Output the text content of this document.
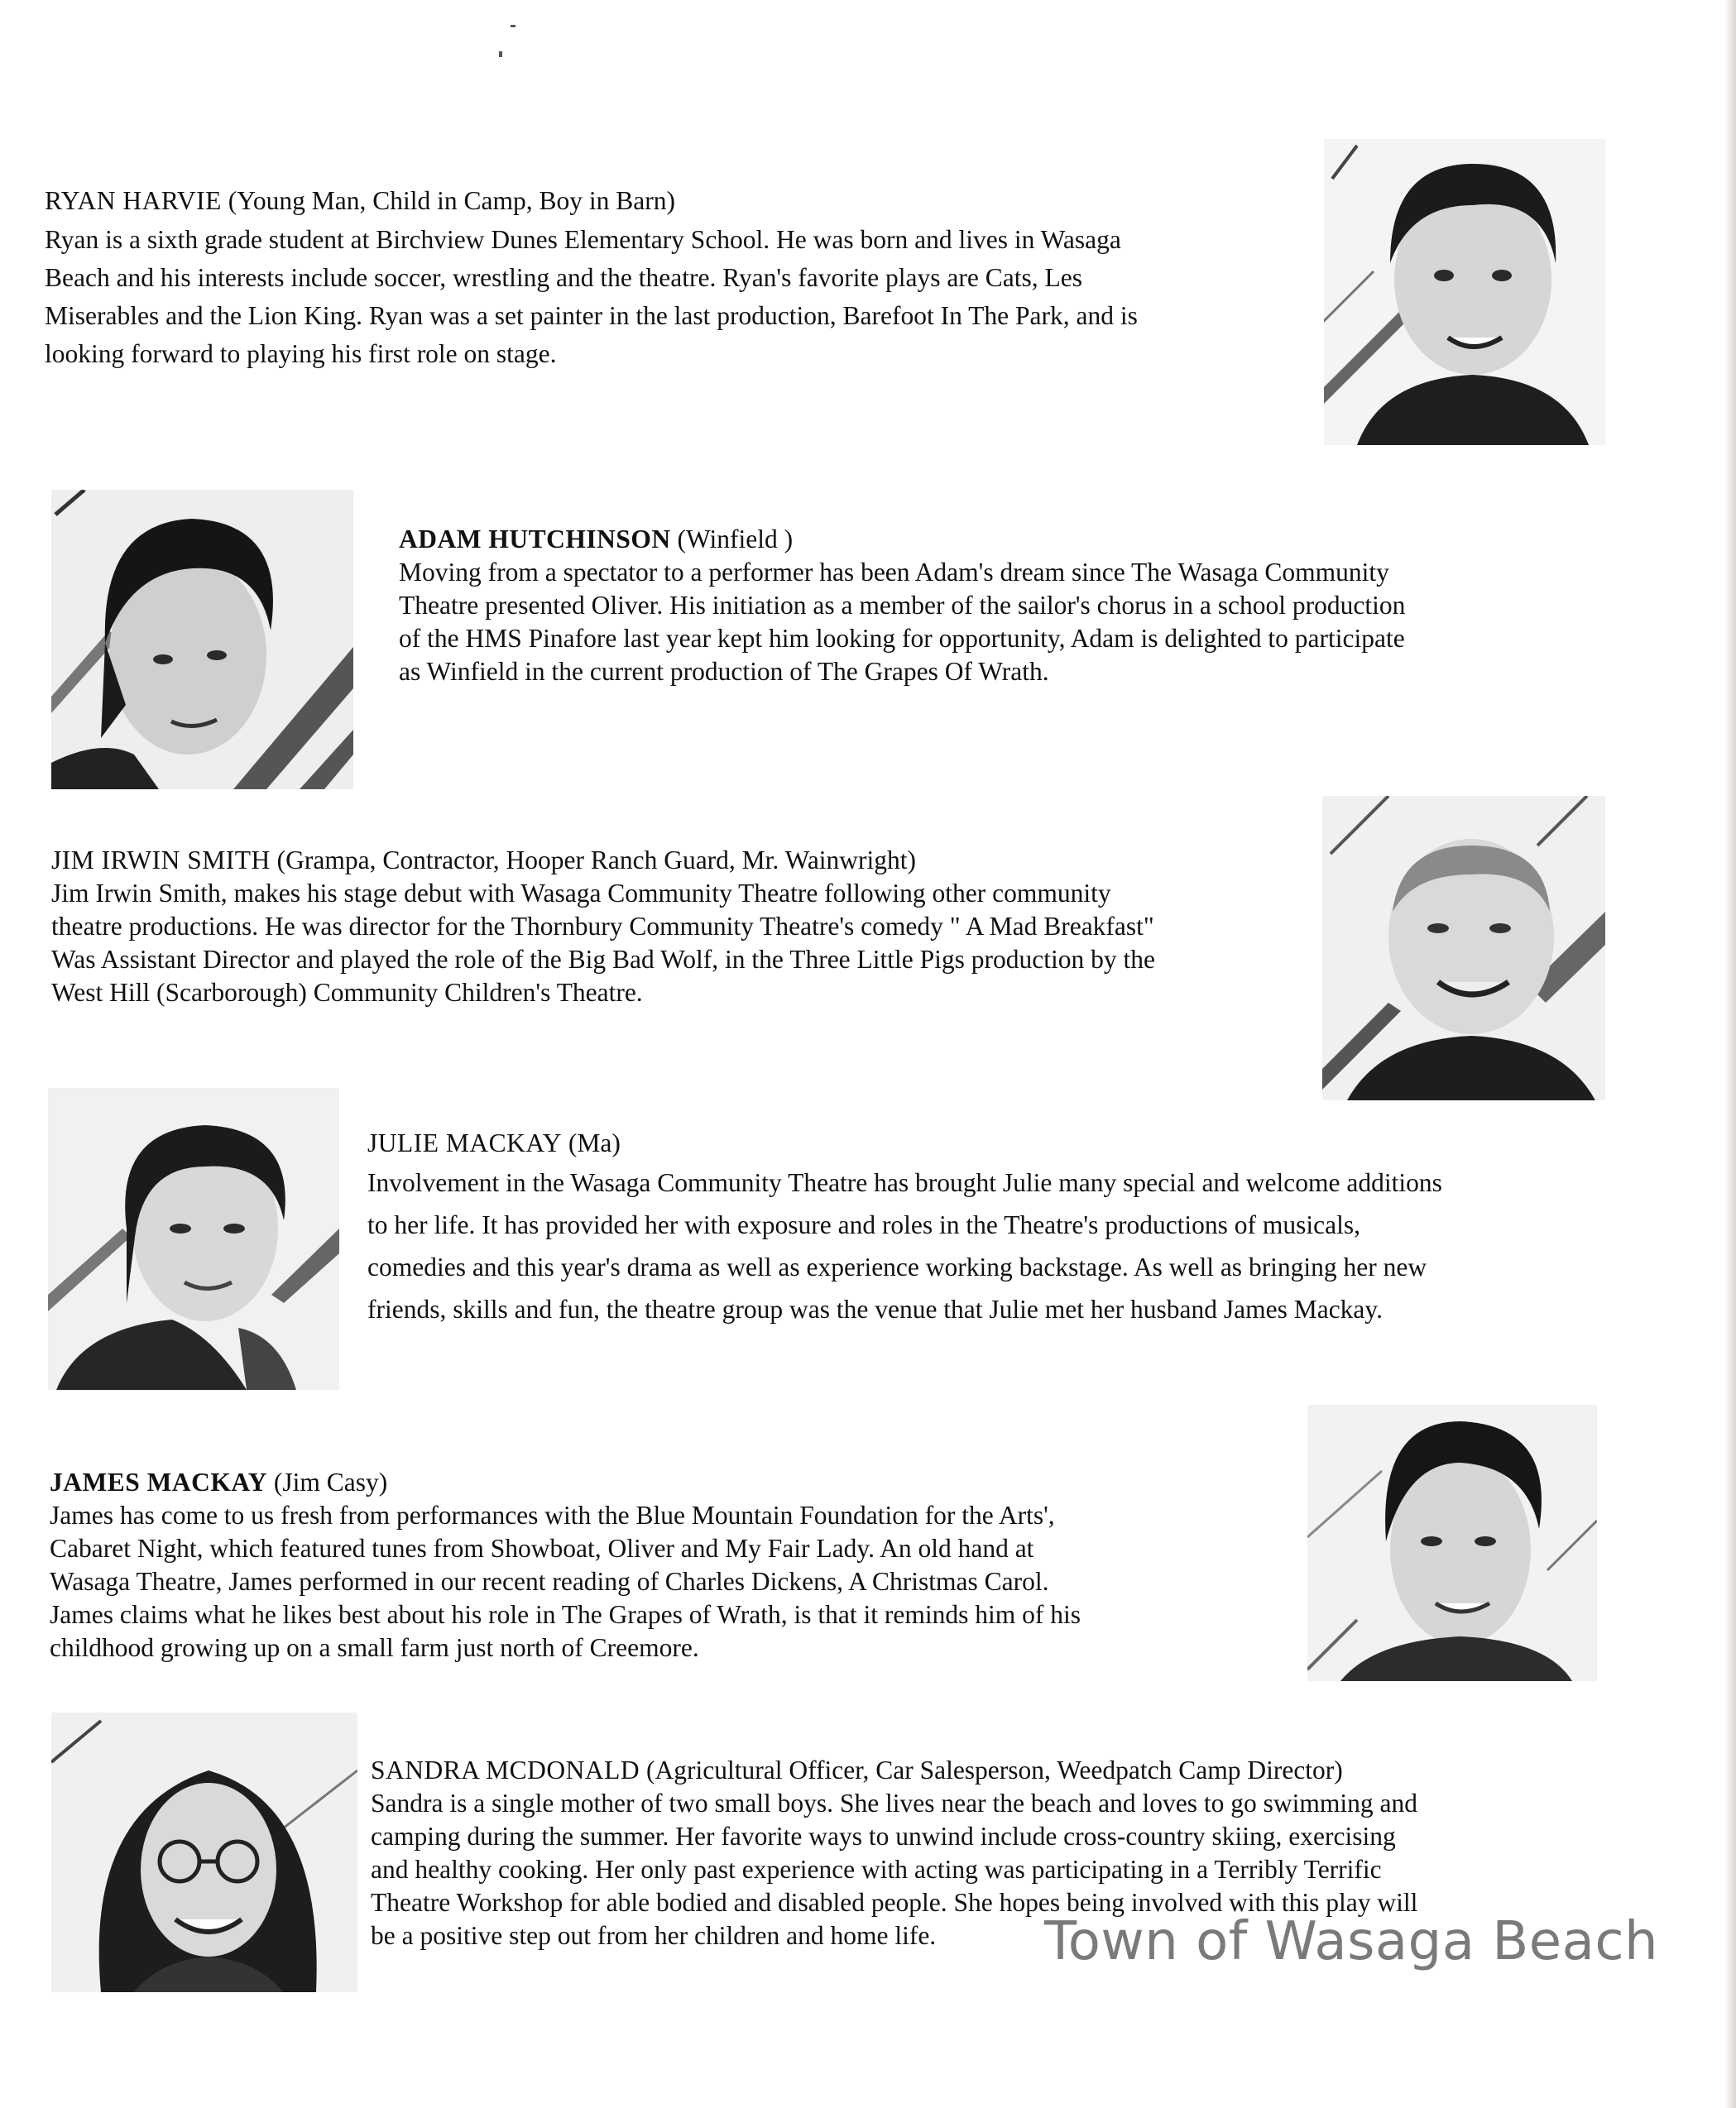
RYAN HARVIE (Young Man, Child in Camp, Boy in Barn)

Ryan is a sixth grade student at Birchview Dunes Elementary School. He was born and lives in Wasaga
Beach and his interests include soccer, wrestling and the theatre. Ryan's favorite plays are Cats, Les
Miserables and the Lion King. Ryan was a set painter in the last production, Barefoot In The Park, and is
looking forward to playing his first role on stage.

ADAM HUTCHINSON (Winfield )

Moving from a spectator to a performer has been Adam's dream since The Wasaga Community
Theatre presented Oliver. His initiation as a member of the sailor's chorus in a school production
of the HMS Pinafore last year kept him looking for opportunity, Adam is delighted to participate
as Winfield in the current production of The Grapes Of Wrath.

JIM IRWIN SMITH (Grampa, Contractor, Hooper Ranch Guard, Mr. Wainwright)

Jim Irwin Smith, makes his stage debut with Wasaga Community Theatre following other community
theatre productions. He was director for the Thornbury Community Theatre's comedy " A Mad Breakfast"
Was Assistant Director and played the role of the Big Bad Wolf, in the Three Little Pigs production by the
West Hill (Scarborough) Community Children's Theatre.

JULIE MACKAY (Ma)

Involvement in the Wasaga Community Theatre has brought Julie many special and welcome additions
to her life. It has provided her with exposure and roles in the Theatre's productions of musicals,
comedies and this year's drama as well as experience working backstage. As well as bringing her new
friends, skills and fun, the theatre group was the venue that Julie met her husband James Mackay.

JAMES MACKAY (Jim Casy)

James has come to us fresh from performances with the Blue Mountain Foundation for the Arts',
Cabaret Night, which featured tunes from Showboat, Oliver and My Fair Lady. An old hand at
Wasaga Theatre, James performed in our recent reading of Charles Dickens, A Christmas Carol.
James claims what he likes best about his role in The Grapes of Wrath, is that it reminds him of his
childhood growing up on a small farm just north of Creemore.

SANDRA MCDONALD (Agricultural Officer, Car Salesperson, Weedpatch Camp Director)

Sandra is a single mother of two small boys. She lives near the beach and loves to go swimming and
camping during the summer. Her favorite ways to unwind include cross-country skiing, exercising
and healthy cooking. Her only past experience with acting was participating in a Terribly Terrific
Theatre Workshop for able bodied and disabled people. She hopes being involved with this play will
be a positive step out from her children and home life.	Town of Wasaga Beach
